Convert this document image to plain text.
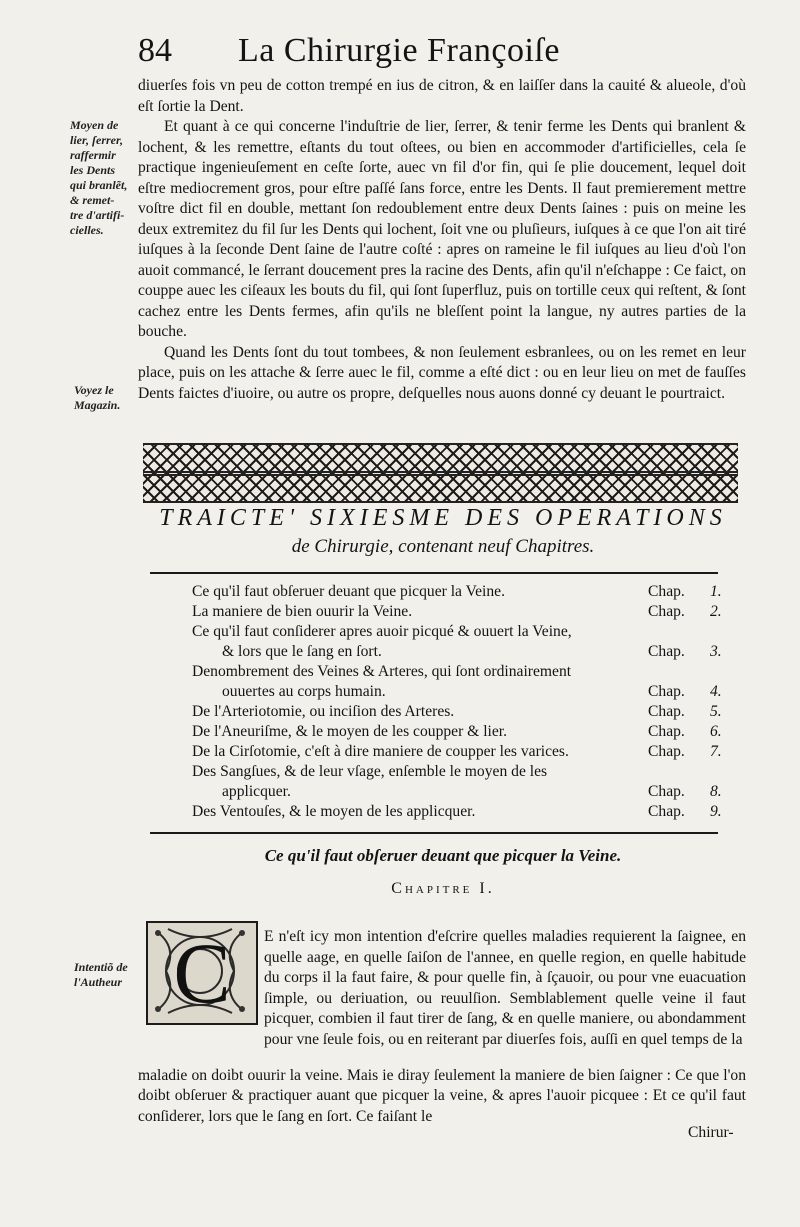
84 La Chirurgie Françoiſe
Moyen de
lier, ſerrer,
raffermir
les Dents
qui branlẽt,
& remet-
tre d'artifi-
cielles.
Voyez le
Magazin.
Intentiõ de
l'Autheur

diuerſes fois vn peu de cotton trempé en ius de citron, & en laiſſer dans la cauité & alueole, d'où eſt ſortie la Dent.

Et quant à ce qui concerne l'induſtrie de lier, ſerrer, & tenir ferme les Dents qui branlent & lochent, & les remettre, eſtants du tout oſtees, ou bien en accommoder d'artificielles, cela ſe practique ingenieuſement en ceſte ſorte, auec vn fil d'or fin, qui ſe plie doucement, lequel doit eſtre mediocrement gros, pour eſtre paſſé ſans force, entre les Dents. Il faut premierement mettre voſtre dict fil en double, mettant ſon redoublement entre deux Dents ſaines : puis on meine les deux extremitez du fil ſur les Dents qui lochent, ſoit vne ou pluſieurs, iuſques à ce que l'on ait tiré iuſques à la ſeconde Dent ſaine de l'autre coſté : apres on rameine le fil iuſques au lieu d'où l'on auoit commancé, le ſerrant doucement pres la racine des Dents, afin qu'il n'eſchappe : Ce faict, on couppe auec les ciſeaux les bouts du fil, qui ſont ſuperfluz, puis on tortille ceux qui reſtent, & ſont cachez entre les Dents fermes, afin qu'ils ne bleſſent point la langue, ny autres parties de la bouche.

Quand les Dents ſont du tout tombees, & non ſeulement esbranlees, ou on les remet en leur place, puis on les attache & ſerre auec le fil, comme a eſté dict : ou en leur lieu on met de fauſſes Dents faictes d'iuoire, ou autre os propre, deſquelles nous auons donné cy deuant le pourtraict.

TRAICTE' SIXIESME DES OPERATIONS
de Chirurgie, contenant neuf Chapitres.
Ce qu'il faut obſeruer deuant que picquer la Veine.	Chap. 1.
La maniere de bien ouurir la Veine.	Chap. 2.
Ce qu'il faut conſiderer apres auoir picqué & ouuert la Veine,
& lors que le ſang en ſort.	Chap. 3.
Denombrement des Veines & Arteres, qui ſont ordinairement
ouuertes au corps humain.	Chap. 4.
De l'Arteriotomie, ou inciſion des Arteres.	Chap. 5.
De l'Aneuriſme, & le moyen de les coupper & lier.	Chap. 6.
De la Cirſotomie, c'eſt à dire maniere de coupper les varices.	Chap. 7.
Des Sangſues, & de leur vſage, enſemble le moyen de les
applicquer.	Chap. 8.
Des Ventouſes, & le moyen de les applicquer.	Chap. 9.
Ce qu'il faut obſeruer deuant que picquer la Veine.
Chapitre I.
C E n'eſt icy mon intention d'eſcrire quelles maladies requierent la ſaignee, en quelle aage, en quelle ſaiſon de l'annee, en quelle region, en quelle habitude du corps il la faut faire, & pour quelle fin, à ſçauoir, ou pour vne euacuation ſimple, ou deriuation, ou reuulſion. Semblablement quelle veine il faut picquer, combien il faut tirer de ſang, & en quelle maniere, ou abondamment pour vne ſeule fois, ou en reiterant par diuerſes fois, auſſi en quel temps de la

maladie on doibt ouurir la veine. Mais ie diray ſeulement la maniere de bien ſaigner : Ce que l'on doibt obſeruer & practiquer auant que picquer la veine, & apres l'auoir picquee : Et ce qu'il faut conſiderer, lors que le ſang en ſort. Ce faiſant le

Chirur-
